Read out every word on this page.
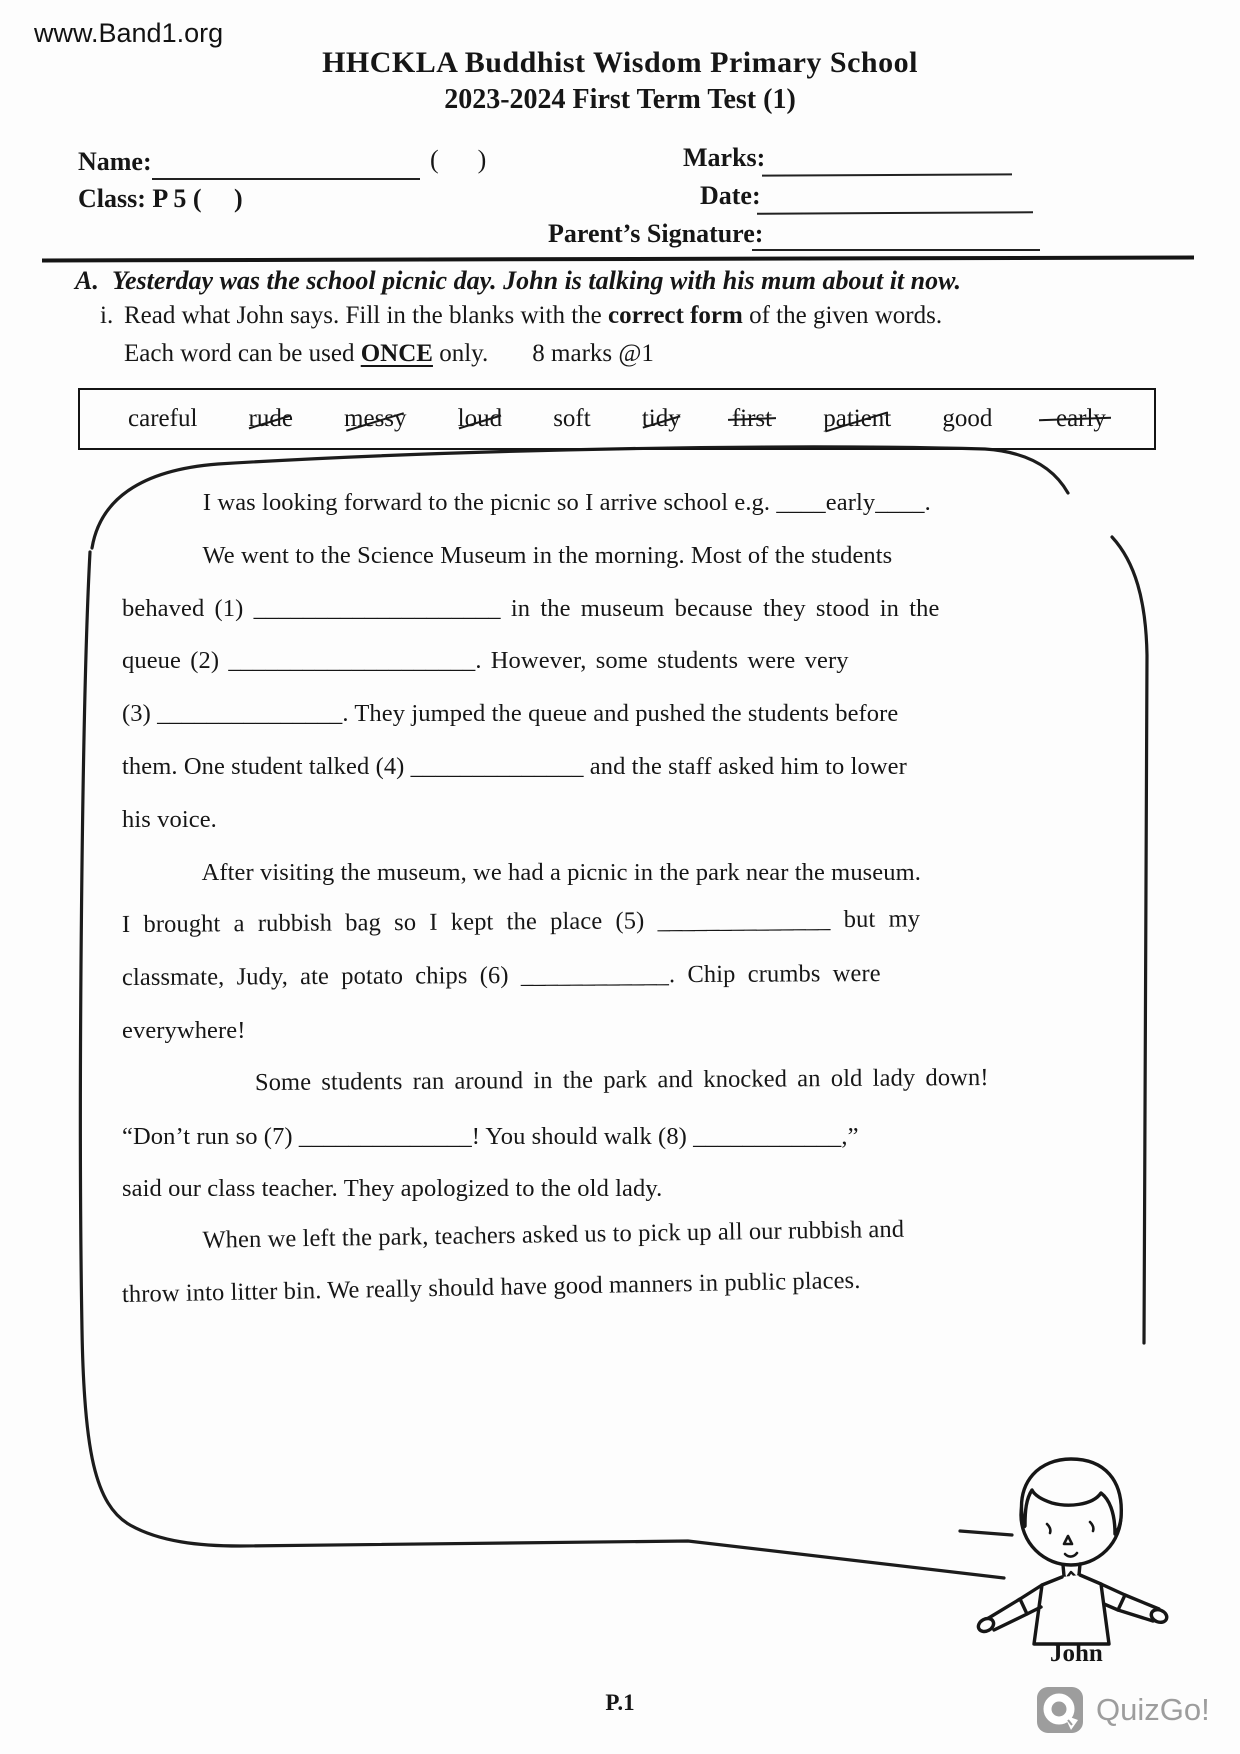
www.Band1.org
HHCKLA Buddhist Wisdom Primary School
2023-2024 First Term Test (1)
Name:	(      )	Marks:
Class: P 5 (     )	Date:
Parent’s Signature:
A. Yesterday was the school picnic day. John is talking with his mum about it now.
i. Read what John says. Fill in the blanks with the correct form of the given words.
Each word can be used ONCE only. 8 marks @1
careful rude messy loud soft tidy first patient good –early
I was looking forward to the picnic so I arrive school e.g. ____early____.
We went to the Science Museum in the morning. Most of the students
behaved (1) ____________________ in the museum because they stood in the
queue (2) ____________________. However, some students were very
(3) _______________. They jumped the queue and pushed the students before
them. One student talked (4) ______________ and the staff asked him to lower
his voice.
After visiting the museum, we had a picnic in the park near the museum.
I brought a rubbish bag so I kept the place (5) ______________ but my
classmate, Judy, ate potato chips (6) ____________. Chip crumbs were
everywhere!
Some students ran around in the park and knocked an old lady down!
“Don’t run so (7) ______________! You should walk (8) ____________,”
said our class teacher. They apologized to the old lady.
When we left the park, teachers asked us to pick up all our rubbish and
throw into litter bin. We really should have good manners in public places.
John
P.1	QuizGo!
